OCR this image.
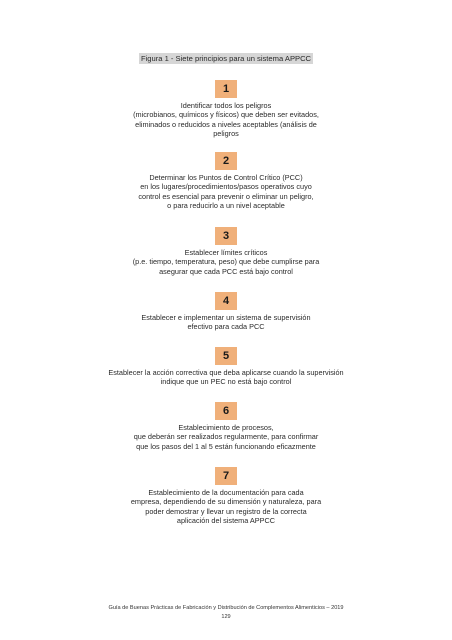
Figura 1 - Siete principios para un sistema APPCC
1

Identificar todos los peligros
(microbianos, químicos y físicos) que deben ser evitados,
eliminados o reducidos a niveles aceptables (análisis de
peligros

2

Determinar los Puntos de Control Crítico (PCC)
en los lugares/procedimientos/pasos operativos cuyo
control es esencial para prevenir o eliminar un peligro,
o para reducirlo a un nivel aceptable

3

Establecer límites críticos
(p.e. tiempo, temperatura, peso) que debe cumplirse para
asegurar que cada PCC está bajo control

4

Establecer e implementar un sistema de supervisión
efectivo para cada PCC

5

Establecer la acción correctiva que deba aplicarse cuando la supervisión
indique que un PEC no está bajo control

6

Establecimiento de procesos,
que deberán ser realizados regularmente, para confirmar
que los pasos del 1 al 5 están funcionando eficazmente

7

Establecimiento de la documentación para cada
empresa, dependiendo de su dimensión y naturaleza, para
poder demostrar y llevar un registro de la correcta
aplicación del sistema APPCC

Guía de Buenas Prácticas de Fabricación y Distribución de Complementos Alimenticios – 2019
129
